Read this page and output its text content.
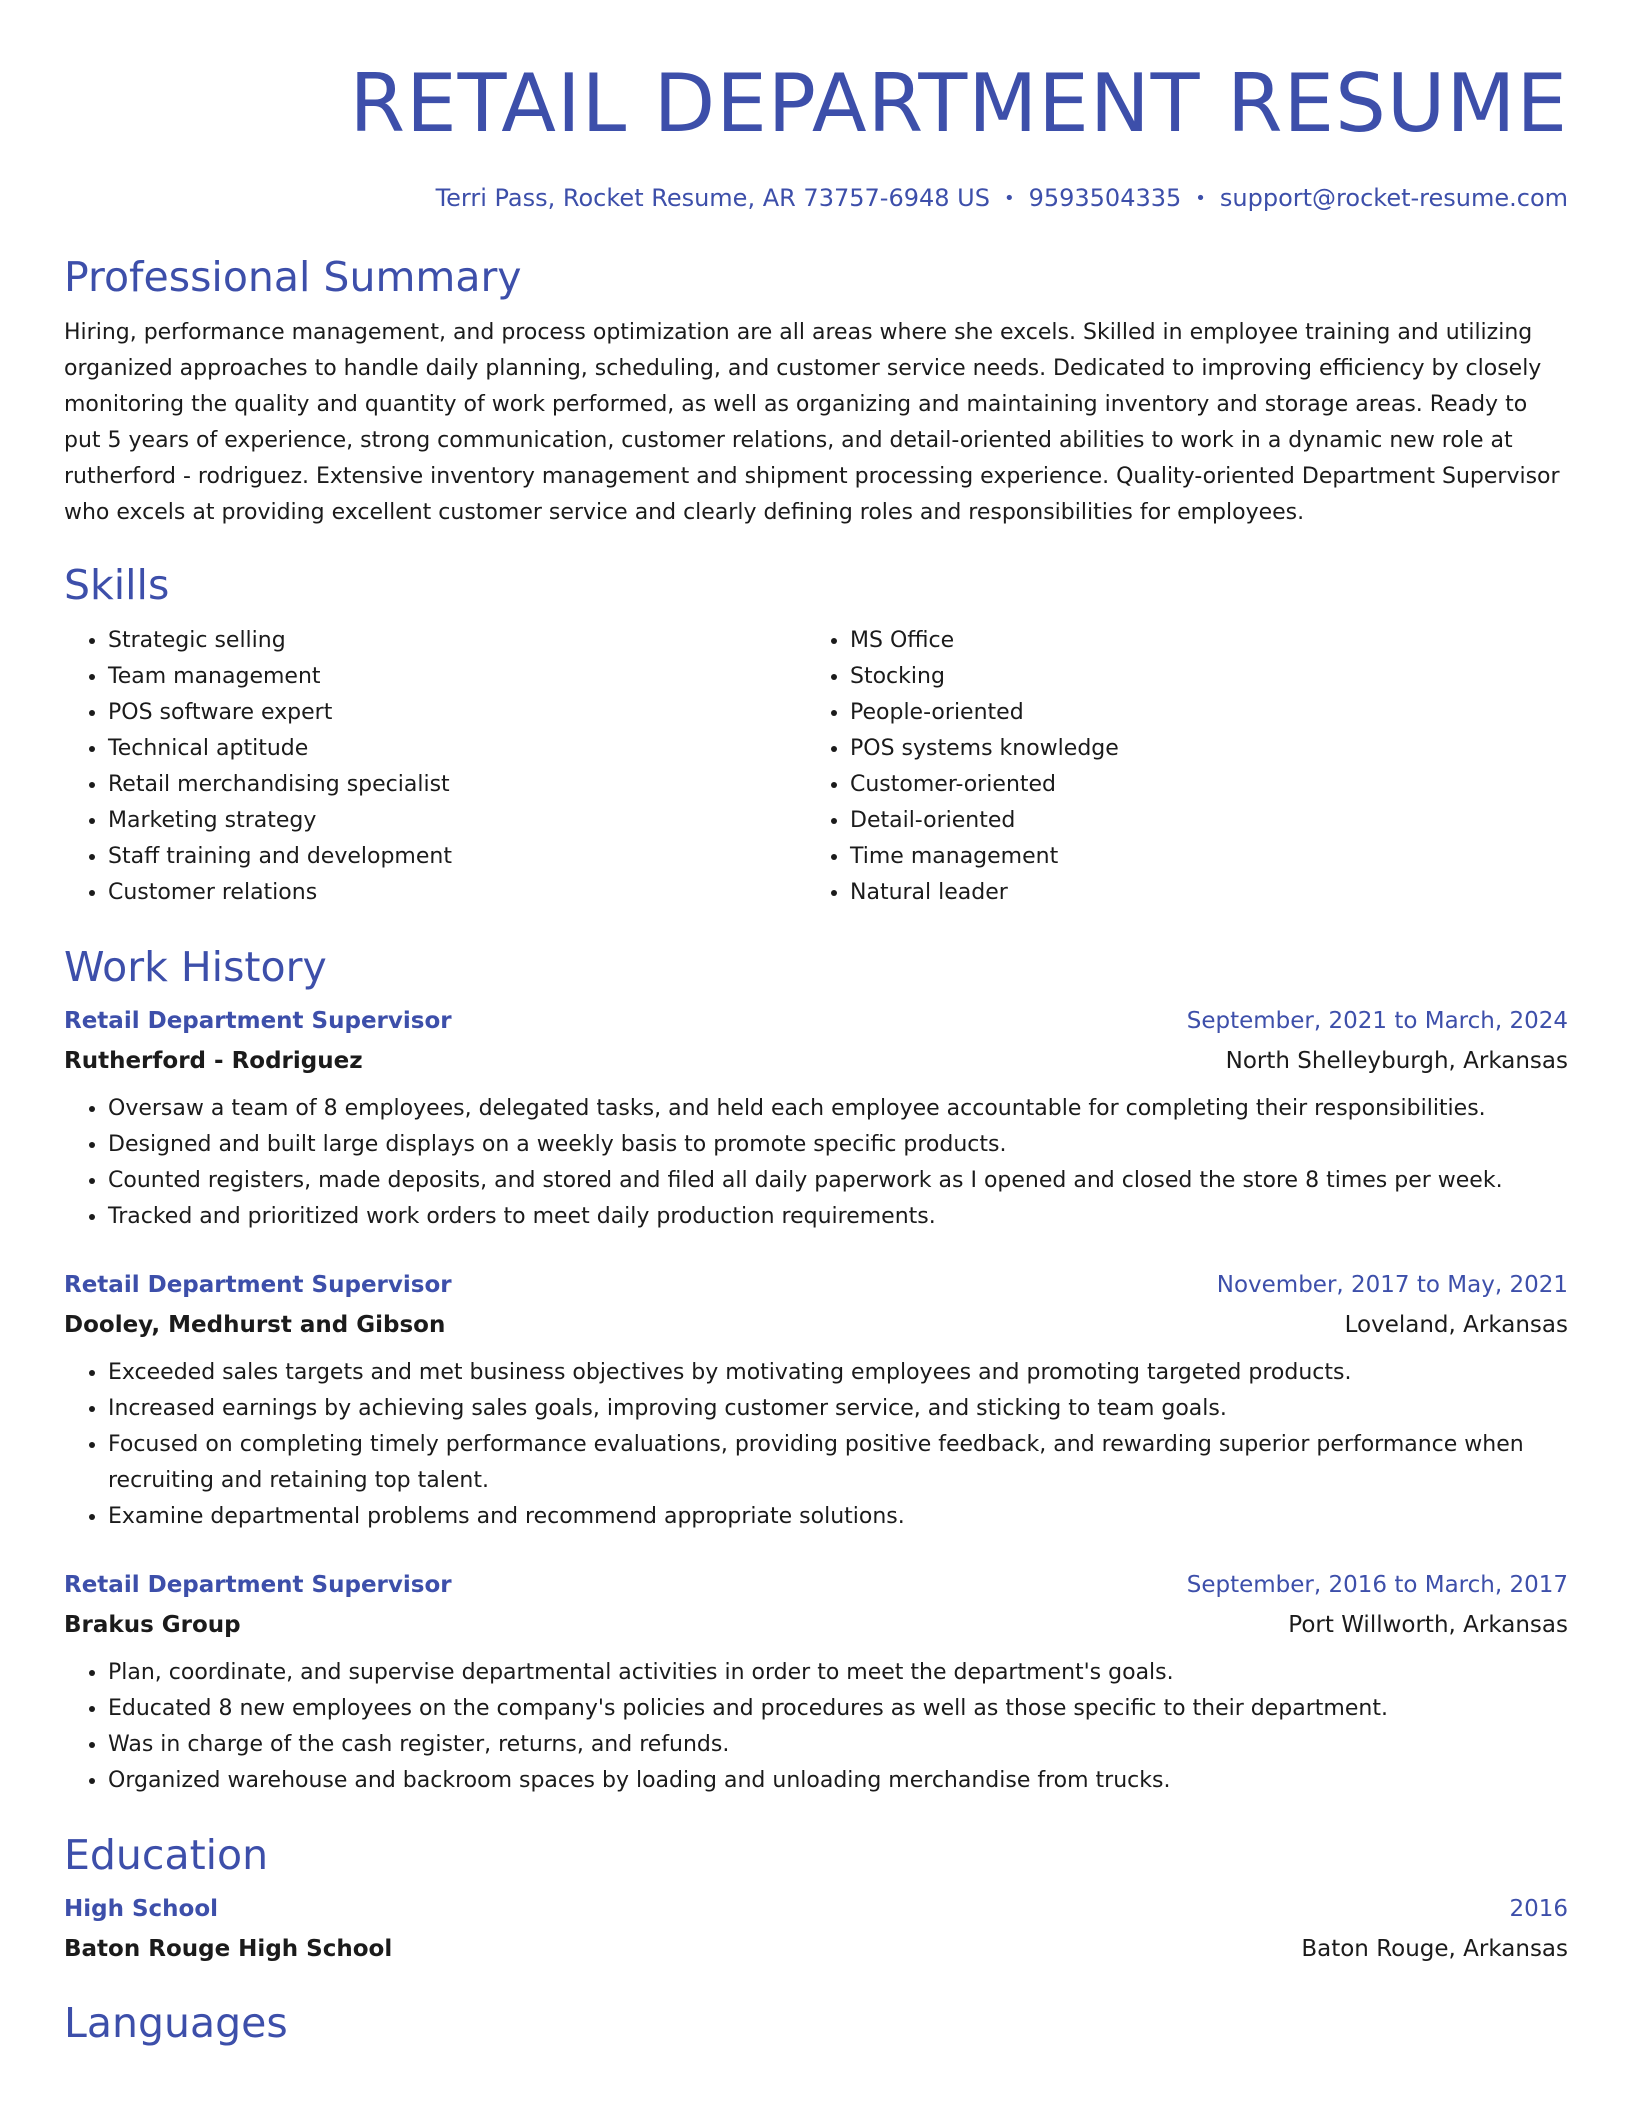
RETAIL DEPARTMENT RESUME
Terri Pass, Rocket Resume, AR 73757-6948 US • 9593504335 • support@rocket-resume.com
Professional Summary
Hiring, performance management, and process optimization are all areas where she excels. Skilled in employee training and utilizing organized approaches to handle daily planning, scheduling, and customer service needs. Dedicated to improving efficiency by closely monitoring the quality and quantity of work performed, as well as organizing and maintaining inventory and storage areas. Ready to put 5 years of experience, strong communication, customer relations, and detail-oriented abilities to work in a dynamic new role at rutherford - rodriguez. Extensive inventory management and shipment processing experience. Quality-oriented Department Supervisor who excels at providing excellent customer service and clearly defining roles and responsibilities for employees.
Skills
• Strategic selling
• Team management
• POS software expert
• Technical aptitude
• Retail merchandising specialist
• Marketing strategy
• Staff training and development
• Customer relations
• MS Office
• Stocking
• People-oriented
• POS systems knowledge
• Customer-oriented
• Detail-oriented
• Time management
• Natural leader
Work History
Retail Department Supervisor	September, 2021 to March, 2024
Rutherford - Rodriguez	North Shelleyburgh, Arkansas
• Oversaw a team of 8 employees, delegated tasks, and held each employee accountable for completing their responsibilities.
• Designed and built large displays on a weekly basis to promote specific products.
• Counted registers, made deposits, and stored and filed all daily paperwork as I opened and closed the store 8 times per week.
• Tracked and prioritized work orders to meet daily production requirements.
Retail Department Supervisor	November, 2017 to May, 2021
Dooley, Medhurst and Gibson	Loveland, Arkansas
• Exceeded sales targets and met business objectives by motivating employees and promoting targeted products.
• Increased earnings by achieving sales goals, improving customer service, and sticking to team goals.
• Focused on completing timely performance evaluations, providing positive feedback, and rewarding superior performance when recruiting and retaining top talent.
• Examine departmental problems and recommend appropriate solutions.
Retail Department Supervisor	September, 2016 to March, 2017
Brakus Group	Port Willworth, Arkansas
• Plan, coordinate, and supervise departmental activities in order to meet the department's goals.
• Educated 8 new employees on the company's policies and procedures as well as those specific to their department.
• Was in charge of the cash register, returns, and refunds.
• Organized warehouse and backroom spaces by loading and unloading merchandise from trucks.
Education
High School	2016
Baton Rouge High School	Baton Rouge, Arkansas
Languages
